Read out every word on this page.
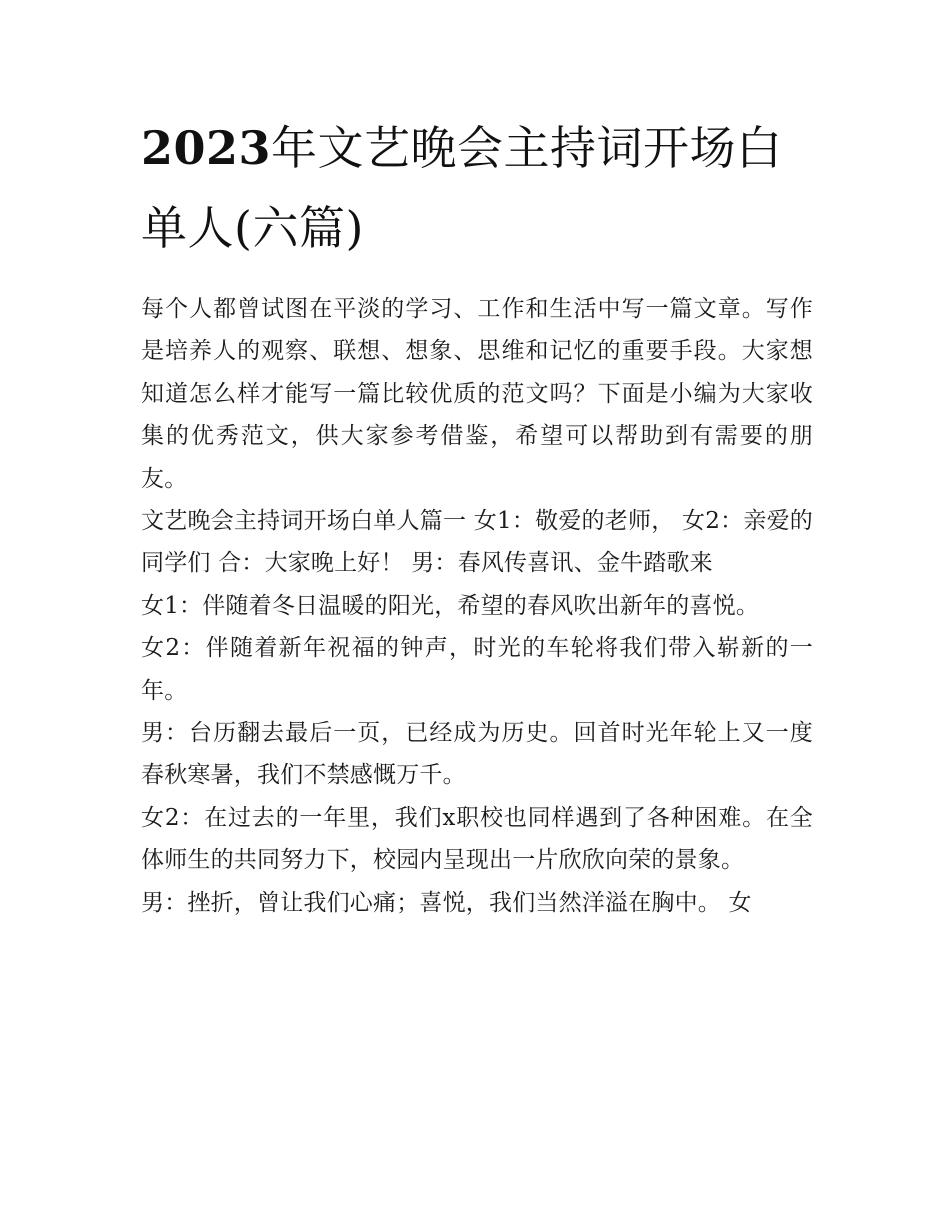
2023年文艺晚会主持词开场白单人(六篇)

每个人都曾试图在平淡的学习、工作和生活中写一篇文章。写作是培养人的观察、联想、想象、思维和记忆的重要手段。大家想知道怎么样才能写一篇比较优质的范文吗？下面是小编为大家收集的优秀范文，供大家参考借鉴，希望可以帮助到有需要的朋友。

文艺晚会主持词开场白单人篇一 女1：敬爱的老师， 女2：亲爱的同学们 合：大家晚上好！ 男：春风传喜讯、金牛踏歌来

女1：伴随着冬日温暖的阳光，希望的春风吹出新年的喜悦。

女2：伴随着新年祝福的钟声，时光的车轮将我们带入崭新的一年。

男：台历翻去最后一页，已经成为历史。回首时光年轮上又一度春秋寒暑，我们不禁感慨万千。

女2：在过去的一年里，我们x职校也同样遇到了各种困难。在全体师生的共同努力下，校园内呈现出一片欣欣向荣的景象。

男：挫折，曾让我们心痛；喜悦，我们当然洋溢在胸中。 女
